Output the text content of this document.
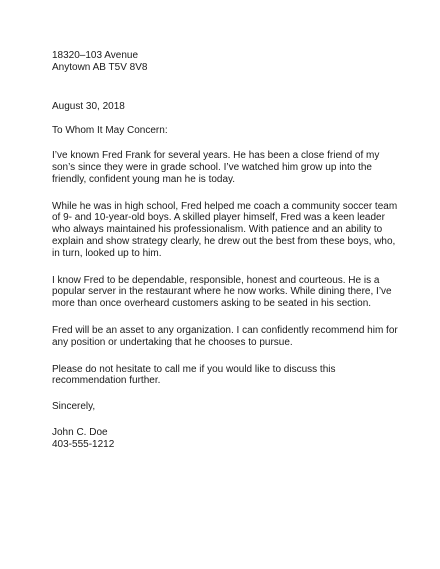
18320–103 Avenue
Anytown AB T5V 8V8
August 30, 2018
To Whom It May Concern:
I’ve known Fred Frank for several years. He has been a close friend of my
son’s since they were in grade school. I’ve watched him grow up into the
friendly, confident young man he is today.
While he was in high school, Fred helped me coach a community soccer team
of 9- and 10-year-old boys. A skilled player himself, Fred was a keen leader
who always maintained his professionalism. With patience and an ability to
explain and show strategy clearly, he drew out the best from these boys, who,
in turn, looked up to him.
I know Fred to be dependable, responsible, honest and courteous. He is a
popular server in the restaurant where he now works. While dining there, I’ve
more than once overheard customers asking to be seated in his section.
Fred will be an asset to any organization. I can confidently recommend him for
any position or undertaking that he chooses to pursue.
Please do not hesitate to call me if you would like to discuss this
recommendation further.
Sincerely,
John C. Doe
403-555-1212
